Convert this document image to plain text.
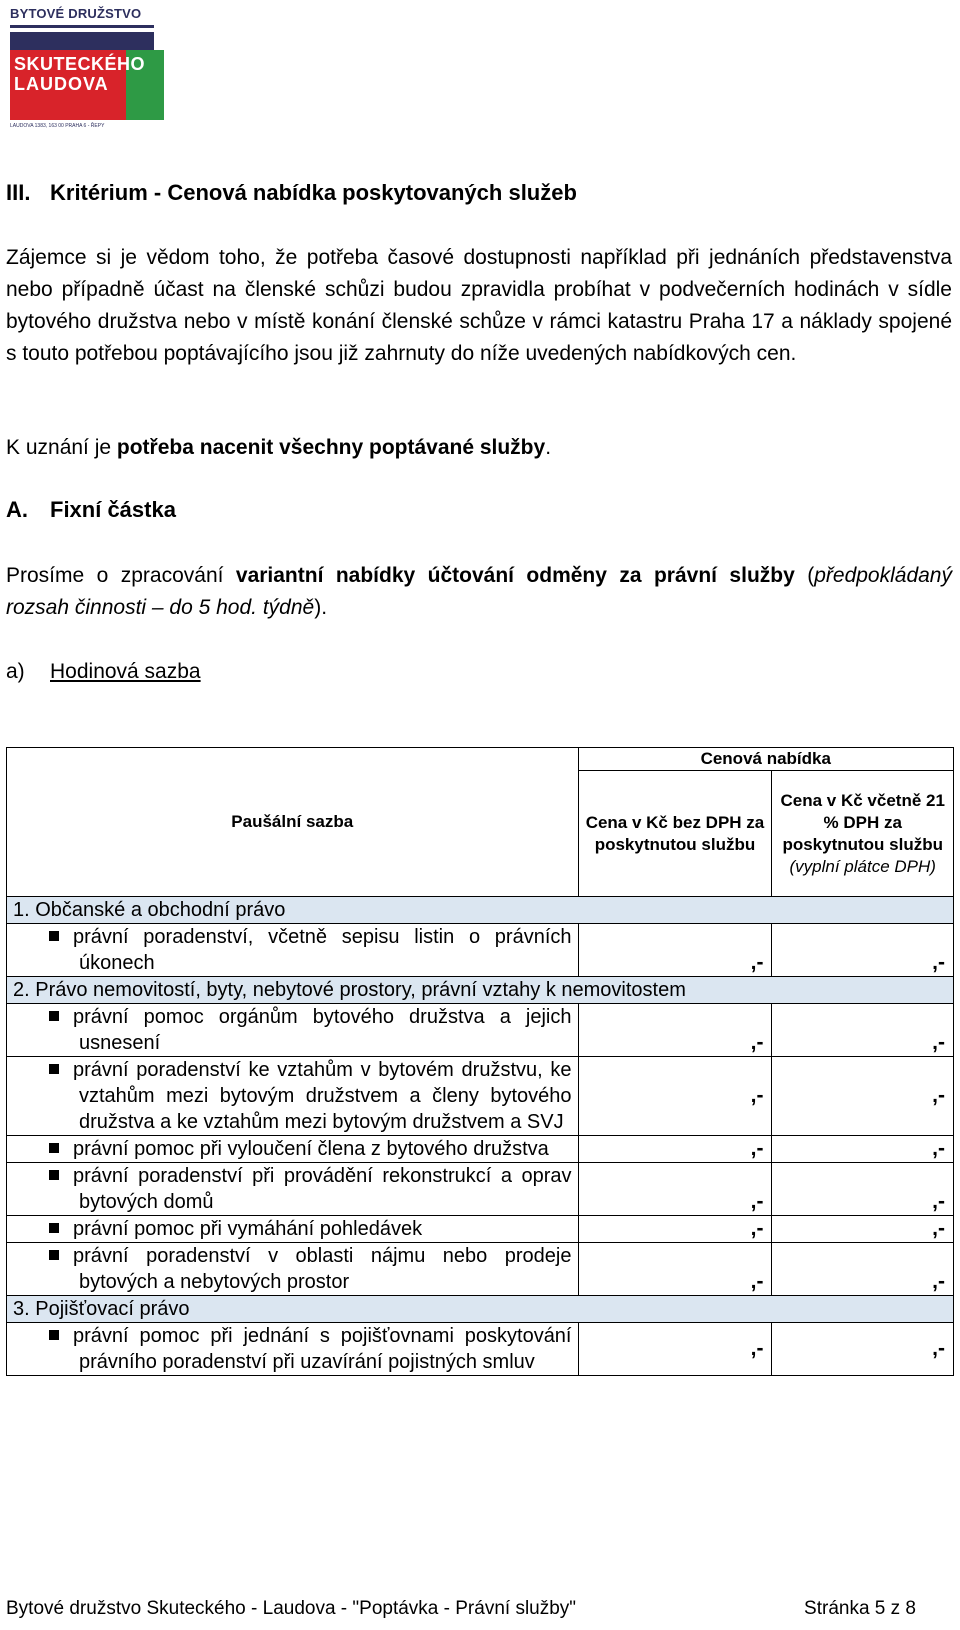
BYTOVÉ DRUŽSTVO
SKUTECKÉHO
LAUDOVA
LAUDOVA 1383, 163 00 PRAHA 6 - ŘEPY
III. Kritérium - Cenová nabídka poskytovaných služeb
Zájemce si je vědom toho, že potřeba časové dostupnosti například při jednáních představenstva nebo případně účast na členské schůzi budou zpravidla probíhat v podvečerních hodinách v sídle bytového družstva nebo v místě konání členské schůze v rámci katastru Praha 17 a náklady spojené s touto potřebou poptávajícího jsou již zahrnuty do níže uvedených nabídkových cen.
K uznání je potřeba nacenit všechny poptávané služby.
A. Fixní částka
Prosíme o zpracování variantní nabídky účtování odměny za právní služby (předpokládaný rozsah činnosti – do 5 hod. týdně).
a) Hodinová sazba
Paušální sazba	Cenová nabídka	
	Cena v Kč bez DPH za poskytnutou službu	Cena v Kč včetně 21 % DPH za poskytnutou službu
(vyplní plátce DPH)
1. Občanské a obchodní právo		
právní poradenství, včetně sepisu listin o právních úkonech	,-	,-
2. Právo nemovitostí, byty, nebytové prostory, právní vztahy k nemovitostem		
právní pomoc orgánům bytového družstva a jejich usnesení	,-	,-
právní poradenství ke vztahům v bytovém družstvu, ke vztahům mezi bytovým družstvem a členy bytového družstva a ke vztahům mezi bytovým družstvem a SVJ	,-	,-
právní pomoc při vyloučení člena z bytového družstva	,-	,-
právní poradenství při provádění rekonstrukcí a oprav bytových domů	,-	,-
právní pomoc při vymáhání pohledávek	,-	,-
právní poradenství v oblasti nájmu nebo prodeje bytových a nebytových prostor	,-	,-
3. Pojišťovací právo		
právní pomoc při jednání s pojišťovnami poskytování právního poradenství při uzavírání pojistných smluv	,-	,-
Bytové družstvo Skuteckého - Laudova - "Poptávka - Právní služby"	Stránka 5 z 8
